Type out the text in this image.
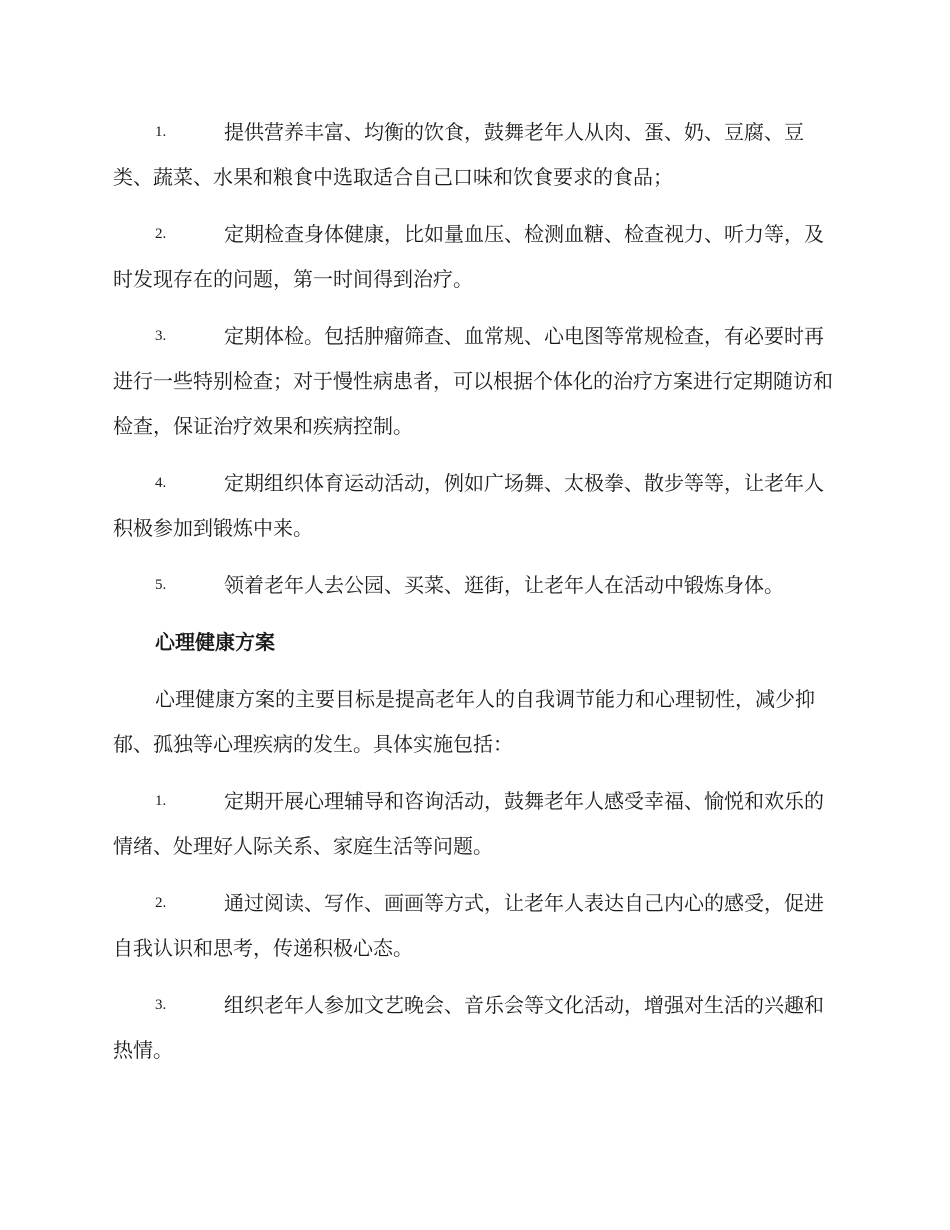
1.	提供营养丰富、均衡的饮食，鼓舞老年人从肉、蛋、奶、豆腐、豆类、蔬菜、水果和粮食中选取适合自己口味和饮食要求的食品；
2.	定期检查身体健康，比如量血压、检测血糖、检查视力、听力等，及时发现存在的问题，第一时间得到治疗。
3.	定期体检。包括肿瘤筛查、血常规、心电图等常规检查，有必要时再进行一些特别检查；对于慢性病患者，可以根据个体化的治疗方案进行定期随访和检查，保证治疗效果和疾病控制。
4.	定期组织体育运动活动，例如广场舞、太极拳、散步等等，让老年人积极参加到锻炼中来。
5.	领着老年人去公园、买菜、逛街，让老年人在活动中锻炼身体。
心理健康方案
心理健康方案的主要目标是提高老年人的自我调节能力和心理韧性，减少抑郁、孤独等心理疾病的发生。具体实施包括：
1.	定期开展心理辅导和咨询活动，鼓舞老年人感受幸福、愉悦和欢乐的情绪、处理好人际关系、家庭生活等问题。
2.	通过阅读、写作、画画等方式，让老年人表达自己内心的感受，促进自我认识和思考，传递积极心态。
3.	组织老年人参加文艺晚会、音乐会等文化活动，增强对生活的兴趣和热情。
